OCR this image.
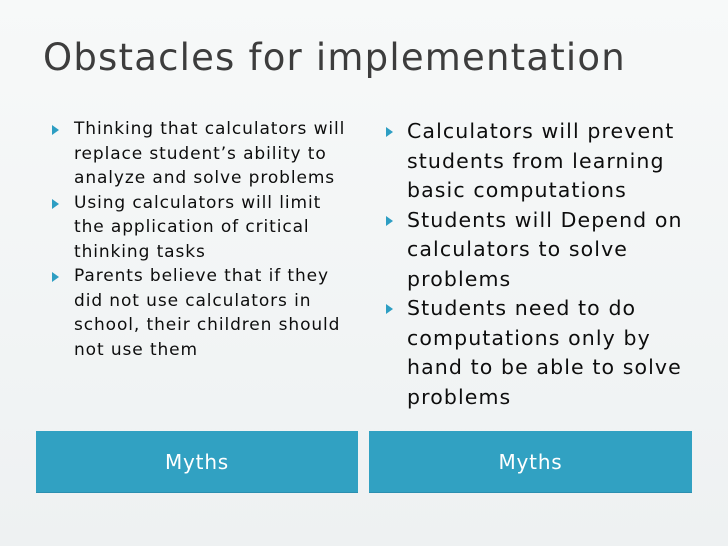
Obstacles for implementation
Thinking that calculators will replace student’s ability to analyze and solve problems
Using calculators will limit the application of critical thinking tasks
Parents believe that if they did not use calculators in school, their children should not use them
Calculators will prevent students from learning basic computations
Students will Depend on calculators to solve problems
Students need to do computations only by hand to be able to solve problems
Myths	Myths
